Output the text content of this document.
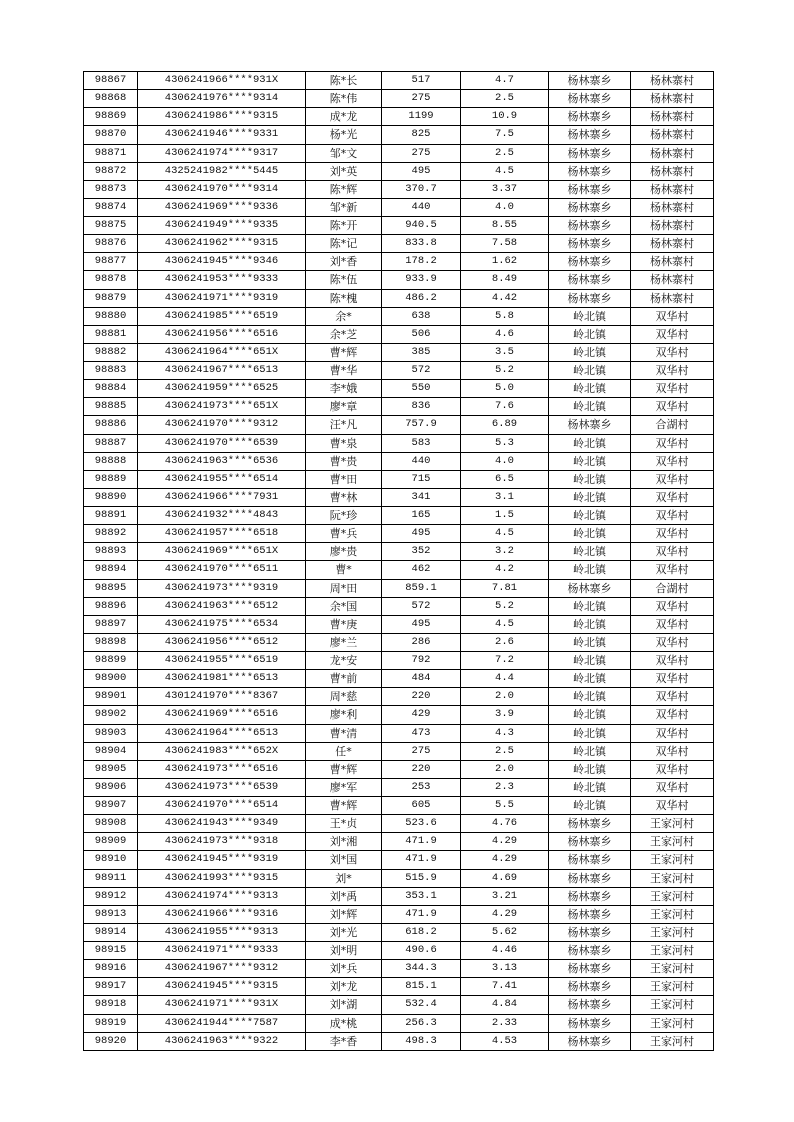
98867	4306241966****931X	陈*长	517	4.7	杨林寨乡	杨林寨村
98868	4306241976****9314	陈*伟	275	2.5	杨林寨乡	杨林寨村
98869	4306241986****9315	成*龙	1199	10.9	杨林寨乡	杨林寨村
98870	4306241946****9331	杨*光	825	7.5	杨林寨乡	杨林寨村
98871	4306241974****9317	邹*文	275	2.5	杨林寨乡	杨林寨村
98872	4325241982****5445	刘*英	495	4.5	杨林寨乡	杨林寨村
98873	4306241970****9314	陈*辉	370.7	3.37	杨林寨乡	杨林寨村
98874	4306241969****9336	邹*新	440	4.0	杨林寨乡	杨林寨村
98875	4306241949****9335	陈*开	940.5	8.55	杨林寨乡	杨林寨村
98876	4306241962****9315	陈*记	833.8	7.58	杨林寨乡	杨林寨村
98877	4306241945****9346	刘*香	178.2	1.62	杨林寨乡	杨林寨村
98878	4306241953****9333	陈*伍	933.9	8.49	杨林寨乡	杨林寨村
98879	4306241971****9319	陈*槐	486.2	4.42	杨林寨乡	杨林寨村
98880	4306241985****6519	余*	638	5.8	岭北镇	双华村
98881	4306241956****6516	余*芝	506	4.6	岭北镇	双华村
98882	4306241964****651X	曹*辉	385	3.5	岭北镇	双华村
98883	4306241967****6513	曹*华	572	5.2	岭北镇	双华村
98884	4306241959****6525	李*娥	550	5.0	岭北镇	双华村
98885	4306241973****651X	廖*章	836	7.6	岭北镇	双华村
98886	4306241970****9312	汪*凡	757.9	6.89	杨林寨乡	合湖村
98887	4306241970****6539	曹*泉	583	5.3	岭北镇	双华村
98888	4306241963****6536	曹*贵	440	4.0	岭北镇	双华村
98889	4306241955****6514	曹*田	715	6.5	岭北镇	双华村
98890	4306241966****7931	曹*林	341	3.1	岭北镇	双华村
98891	4306241932****4843	阮*珍	165	1.5	岭北镇	双华村
98892	4306241957****6518	曹*兵	495	4.5	岭北镇	双华村
98893	4306241969****651X	廖*贵	352	3.2	岭北镇	双华村
98894	4306241970****6511	曹*	462	4.2	岭北镇	双华村
98895	4306241973****9319	周*田	859.1	7.81	杨林寨乡	合湖村
98896	4306241963****6512	余*国	572	5.2	岭北镇	双华村
98897	4306241975****6534	曹*庚	495	4.5	岭北镇	双华村
98898	4306241956****6512	廖*兰	286	2.6	岭北镇	双华村
98899	4306241955****6519	龙*安	792	7.2	岭北镇	双华村
98900	4306241981****6513	曹*前	484	4.4	岭北镇	双华村
98901	4301241970****8367	周*慈	220	2.0	岭北镇	双华村
98902	4306241969****6516	廖*利	429	3.9	岭北镇	双华村
98903	4306241964****6513	曹*清	473	4.3	岭北镇	双华村
98904	4306241983****652X	任*	275	2.5	岭北镇	双华村
98905	4306241973****6516	曹*辉	220	2.0	岭北镇	双华村
98906	4306241973****6539	廖*军	253	2.3	岭北镇	双华村
98907	4306241970****6514	曹*辉	605	5.5	岭北镇	双华村
98908	4306241943****9349	王*贞	523.6	4.76	杨林寨乡	王家河村
98909	4306241973****9318	刘*湘	471.9	4.29	杨林寨乡	王家河村
98910	4306241945****9319	刘*国	471.9	4.29	杨林寨乡	王家河村
98911	4306241993****9315	刘*	515.9	4.69	杨林寨乡	王家河村
98912	4306241974****9313	刘*禹	353.1	3.21	杨林寨乡	王家河村
98913	4306241966****9316	刘*辉	471.9	4.29	杨林寨乡	王家河村
98914	4306241955****9313	刘*光	618.2	5.62	杨林寨乡	王家河村
98915	4306241971****9333	刘*明	490.6	4.46	杨林寨乡	王家河村
98916	4306241967****9312	刘*兵	344.3	3.13	杨林寨乡	王家河村
98917	4306241945****9315	刘*龙	815.1	7.41	杨林寨乡	王家河村
98918	4306241971****931X	刘*湖	532.4	4.84	杨林寨乡	王家河村
98919	4306241944****7587	成*桃	256.3	2.33	杨林寨乡	王家河村
98920	4306241963****9322	李*香	498.3	4.53	杨林寨乡	王家河村
